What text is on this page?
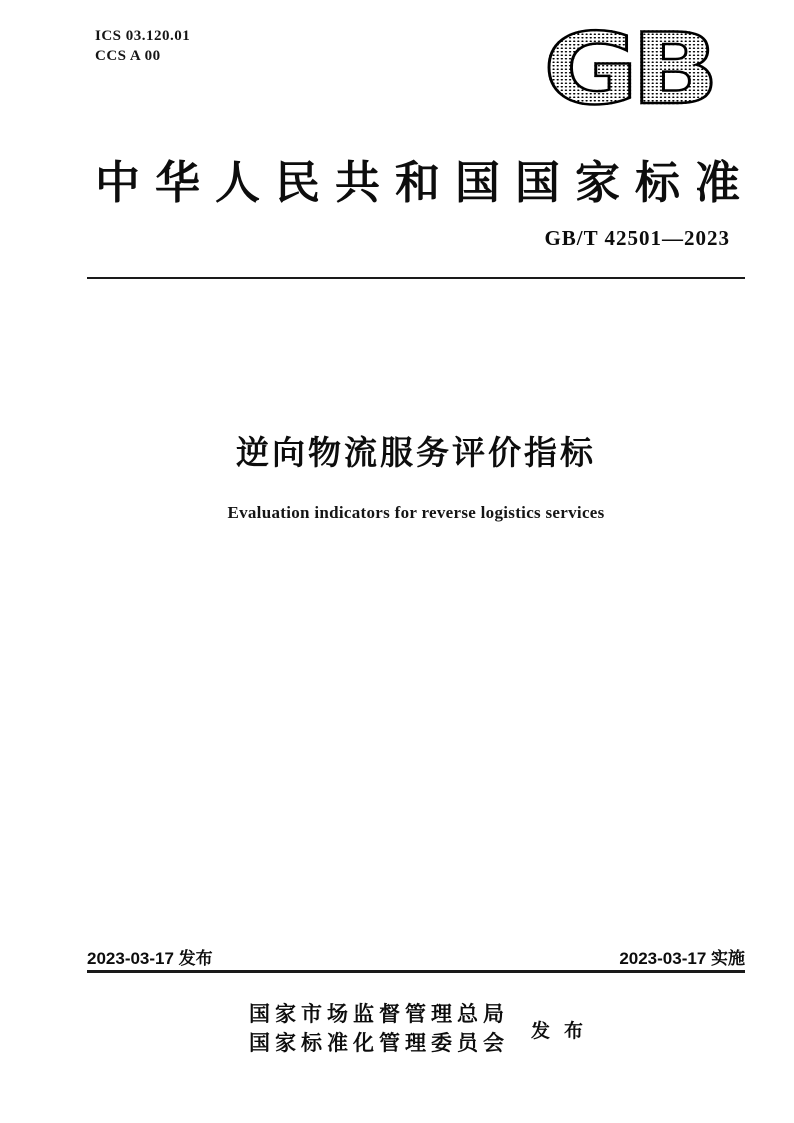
ICS 03.120.01
CCS A 00	GB
中华人民共和国国家标准
GB/T 42501—2023
逆向物流服务评价指标
Evaluation indicators for reverse logistics services
2023-03-17 发布	2023-03-17 实施
国家市场监督管理总局
国家标准化管理委员会 发布
